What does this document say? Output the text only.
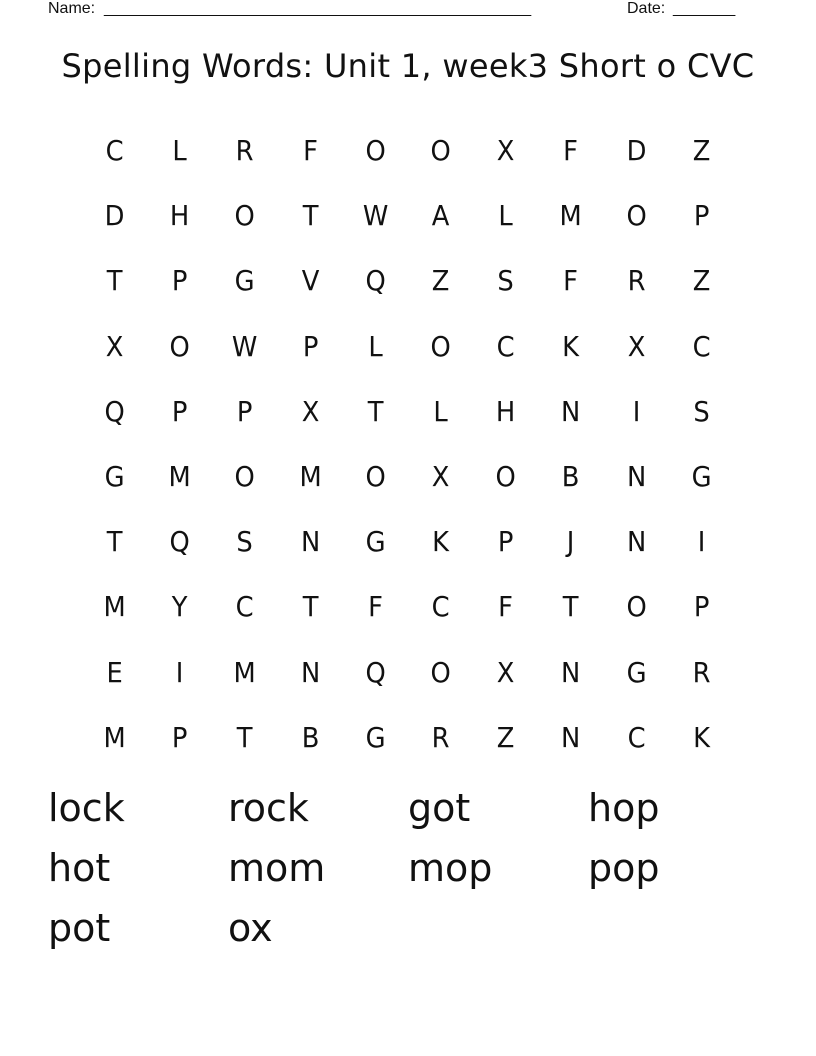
Name: ________________________________________________	Date: _______
Spelling Words: Unit 1, week3 Short o CVC
C	L	R	F	O	O	X	F	D	Z
D	H	O	T	W	A	L	M	O	P
T	P	G	V	Q	Z	S	F	R	Z
X	O	W	P	L	O	C	K	X	C
Q	P	P	X	T	L	H	N	I	S
G	M	O	M	O	X	O	B	N	G
T	Q	S	N	G	K	P	J	N	I
M	Y	C	T	F	C	F	T	O	P
E	I	M	N	Q	O	X	N	G	R
M	P	T	B	G	R	Z	N	C	K
lock	rock	got	hop
hot	mom	mop	pop
pot	ox
